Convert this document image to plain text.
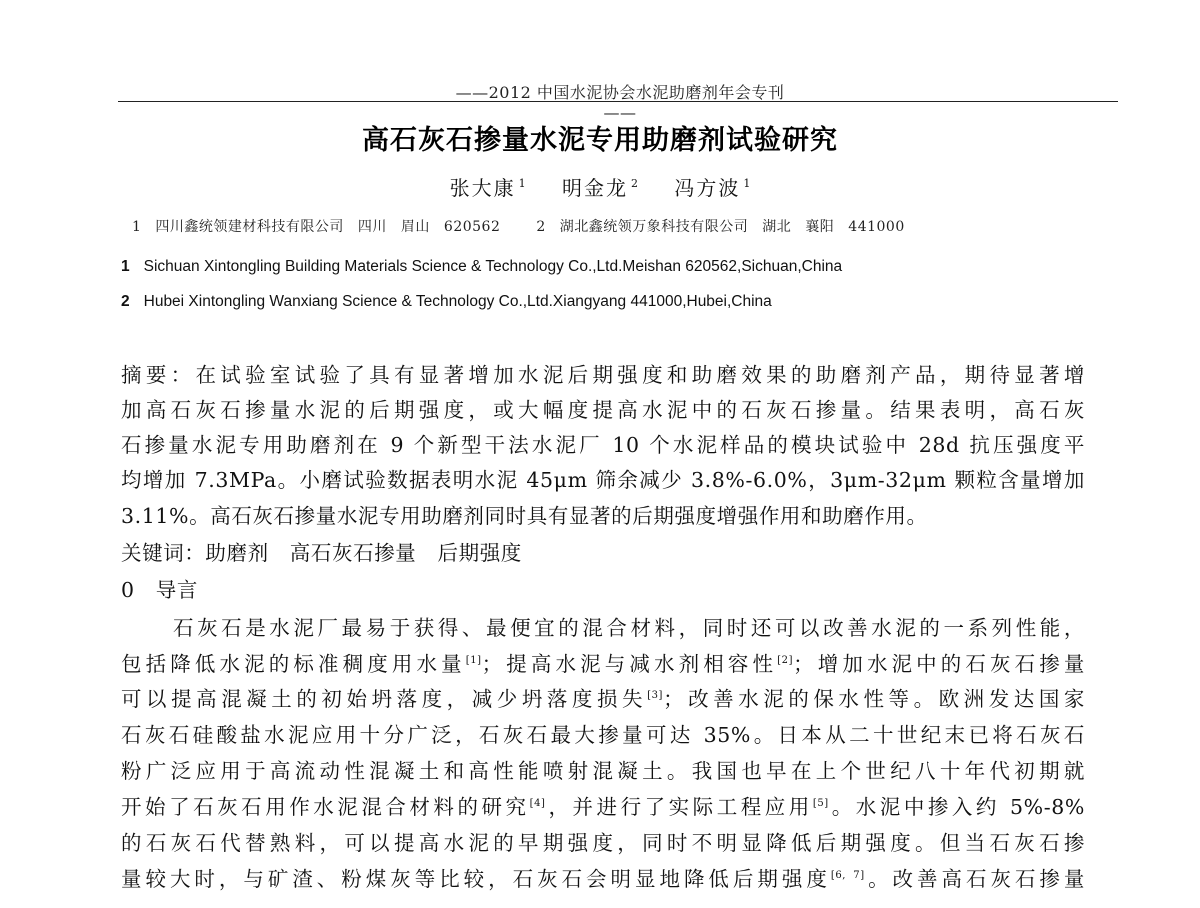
——2012 中国水泥协会水泥助磨剂年会专刊——
高石灰石掺量水泥专用助磨剂试验研究
张大康 $^1$ 明金龙 $^2$ 冯方波 $^1$
1 四川鑫统领建材科技有限公司 四川 眉山 620562	2 湖北鑫统领万象科技有限公司 湖北 襄阳 441000
1 Sichuan Xintongling Building Materials Science & Technology Co.,Ltd.Meishan 620562,Sichuan,China
2 Hubei Xintongling Wanxiang Science & Technology Co.,Ltd.Xiangyang 441000,Hubei,China
摘要：在试验室试验了具有显著增加水泥后期强度和助磨效果的助磨剂产品，期待显著增
加高石灰石掺量水泥的后期强度，或大幅度提高水泥中的石灰石掺量。结果表明，高石灰
石掺量水泥专用助磨剂在 9 个新型干法水泥厂 10 个水泥样品的模块试验中 28d 抗压强度平
均增加 7.3MPa。小磨试验数据表明水泥 45μm 筛余减少 3.8%-6.0%，3μm-32μm 颗粒含量增加
3.11%。高石灰石掺量水泥专用助磨剂同时具有显著的后期强度增强作用和助磨作用。
关键词：助磨剂　高石灰石掺量　后期强度
0　导言
石灰石是水泥厂最易于获得、最便宜的混合材料，同时还可以改善水泥的一系列性能，
包括降低水泥的标准稠度用水量[1]；提高水泥与减水剂相容性[2]；增加水泥中的石灰石掺量
可以提高混凝土的初始坍落度，减少坍落度损失[3]；改善水泥的保水性等。欧洲发达国家
石灰石硅酸盐水泥应用十分广泛，石灰石最大掺量可达 35%。日本从二十世纪末已将石灰石
粉广泛应用于高流动性混凝土和高性能喷射混凝土。我国也早在上个世纪八十年代初期就
开始了石灰石用作水泥混合材料的研究[4]，并进行了实际工程应用[5]。水泥中掺入约 5%-8%
的石灰石代替熟料，可以提高水泥的早期强度，同时不明显降低后期强度。但当石灰石掺
量较大时，与矿渣、粉煤灰等比较，石灰石会明显地降低后期强度[6, 7]。改善高石灰石掺量
